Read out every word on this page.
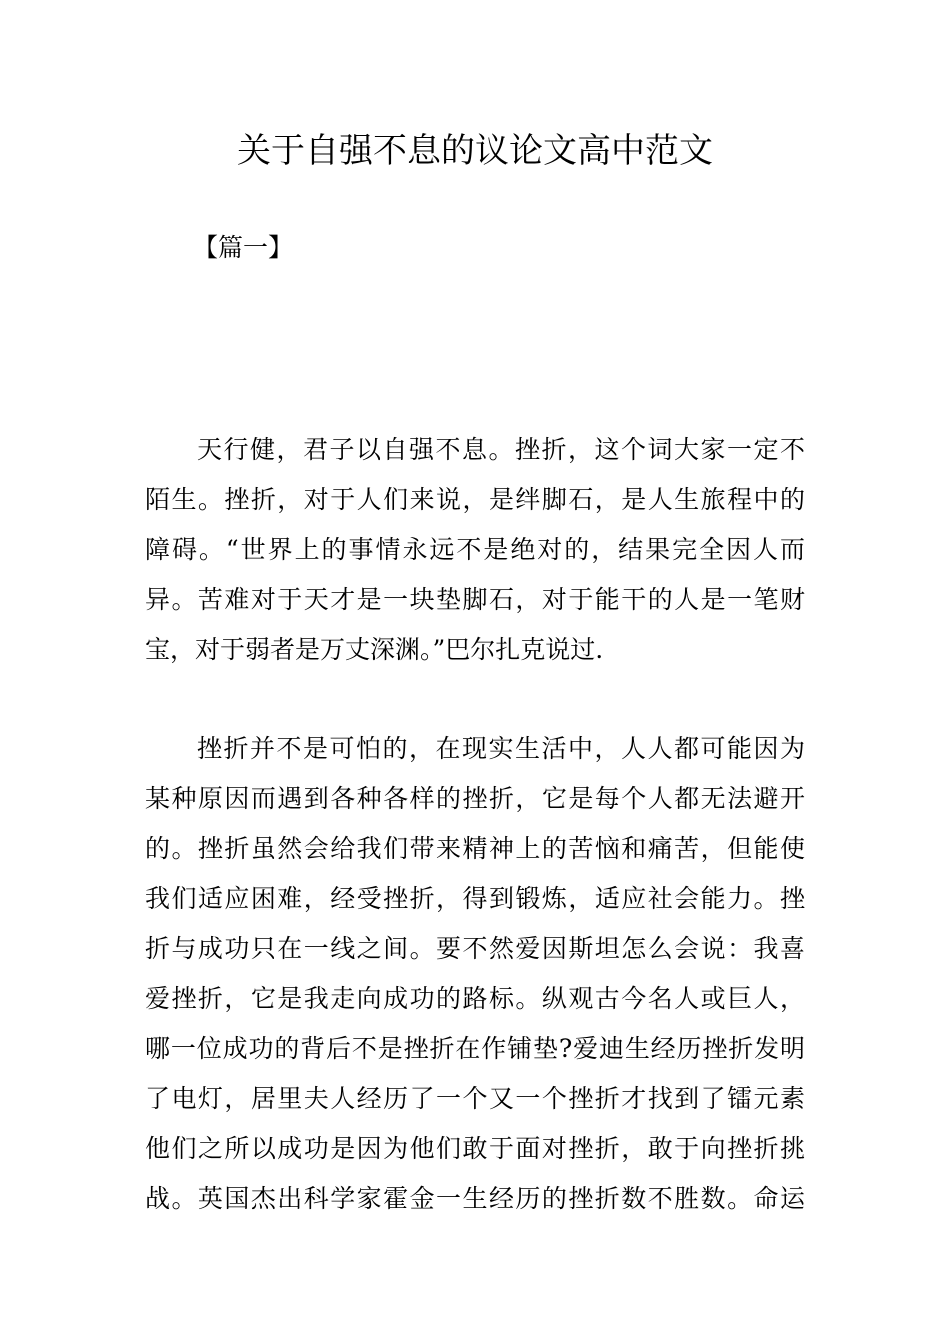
关于自强不息的议论文高中范文
【篇一】

天行健，君子以自强不息。挫折，这个词大家一定不
陌生。挫折，对于人们来说，是绊脚石，是人生旅程中的
障碍。“世界上的事情永远不是绝对的，结果完全因人而
异。苦难对于天才是一块垫脚石，对于能干的人是一笔财
宝，对于弱者是万丈深渊。”巴尔扎克说过.

挫折并不是可怕的，在现实生活中，人人都可能因为
某种原因而遇到各种各样的挫折，它是每个人都无法避开
的。挫折虽然会给我们带来精神上的苦恼和痛苦，但能使
我们适应困难，经受挫折，得到锻炼，适应社会能力。挫
折与成功只在一线之间。要不然爱因斯坦怎么会说：我喜
爱挫折，它是我走向成功的路标。纵观古今名人或巨人，
哪一位成功的背后不是挫折在作铺垫?爱迪生经历挫折发明
了电灯，居里夫人经历了一个又一个挫折才找到了镭元素
他们之所以成功是因为他们敢于面对挫折，敢于向挫折挑
战。英国杰出科学家霍金一生经历的挫折数不胜数。命运
